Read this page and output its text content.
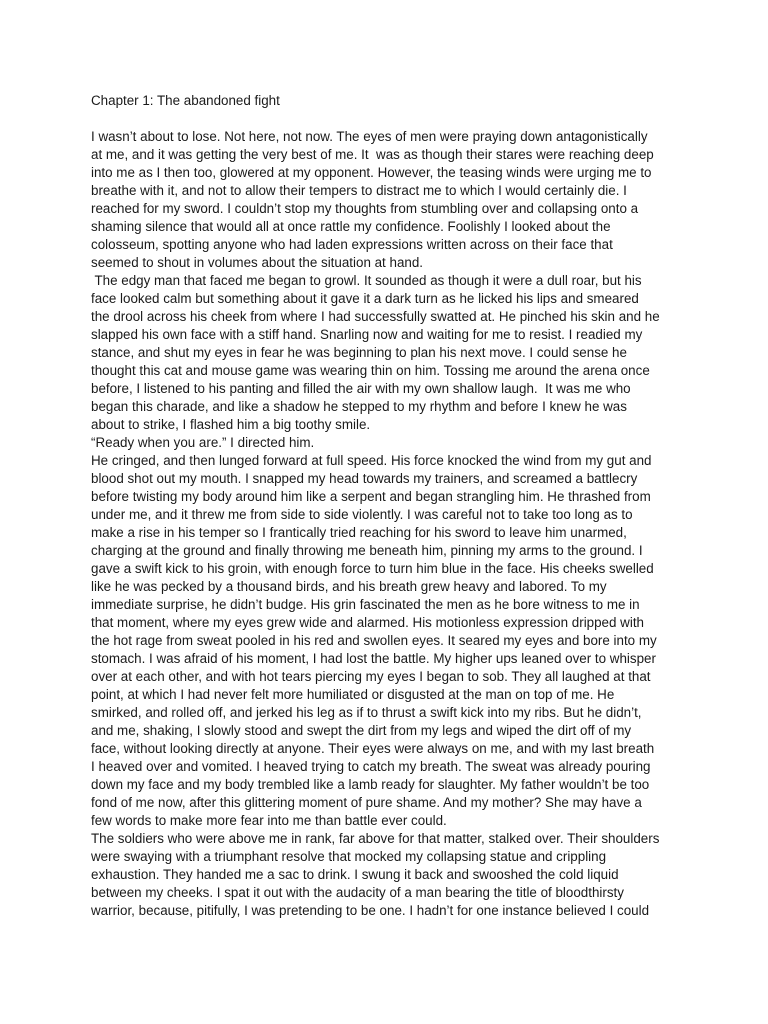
Chapter 1: The abandoned fight
I wasn’t about to lose. Not here, not now. The eyes of men were praying down antagonistically
at me, and it was getting the very best of me. It  was as though their stares were reaching deep
into me as I then too, glowered at my opponent. However, the teasing winds were urging me to
breathe with it, and not to allow their tempers to distract me to which I would certainly die. I
reached for my sword. I couldn’t stop my thoughts from stumbling over and collapsing onto a
shaming silence that would all at once rattle my confidence. Foolishly I looked about the
colosseum, spotting anyone who had laden expressions written across on their face that
seemed to shout in volumes about the situation at hand.
The edgy man that faced me began to growl. It sounded as though it were a dull roar, but his
face looked calm but something about it gave it a dark turn as he licked his lips and smeared
the drool across his cheek from where I had successfully swatted at. He pinched his skin and he
slapped his own face with a stiff hand. Snarling now and waiting for me to resist. I readied my
stance, and shut my eyes in fear he was beginning to plan his next move. I could sense he
thought this cat and mouse game was wearing thin on him. Tossing me around the arena once
before, I listened to his panting and filled the air with my own shallow laugh.  It was me who
began this charade, and like a shadow he stepped to my rhythm and before I knew he was
about to strike, I flashed him a big toothy smile.
“Ready when you are.” I directed him.
He cringed, and then lunged forward at full speed. His force knocked the wind from my gut and
blood shot out my mouth. I snapped my head towards my trainers, and screamed a battlecry
before twisting my body around him like a serpent and began strangling him. He thrashed from
under me, and it threw me from side to side violently. I was careful not to take too long as to
make a rise in his temper so I frantically tried reaching for his sword to leave him unarmed,
charging at the ground and finally throwing me beneath him, pinning my arms to the ground. I
gave a swift kick to his groin, with enough force to turn him blue in the face. His cheeks swelled
like he was pecked by a thousand birds, and his breath grew heavy and labored. To my
immediate surprise, he didn’t budge. His grin fascinated the men as he bore witness to me in
that moment, where my eyes grew wide and alarmed. His motionless expression dripped with
the hot rage from sweat pooled in his red and swollen eyes. It seared my eyes and bore into my
stomach. I was afraid of his moment, I had lost the battle. My higher ups leaned over to whisper
over at each other, and with hot tears piercing my eyes I began to sob. They all laughed at that
point, at which I had never felt more humiliated or disgusted at the man on top of me. He
smirked, and rolled off, and jerked his leg as if to thrust a swift kick into my ribs. But he didn’t,
and me, shaking, I slowly stood and swept the dirt from my legs and wiped the dirt off of my
face, without looking directly at anyone. Their eyes were always on me, and with my last breath
I heaved over and vomited. I heaved trying to catch my breath. The sweat was already pouring
down my face and my body trembled like a lamb ready for slaughter. My father wouldn’t be too
fond of me now, after this glittering moment of pure shame. And my mother? She may have a
few words to make more fear into me than battle ever could.
The soldiers who were above me in rank, far above for that matter, stalked over. Their shoulders
were swaying with a triumphant resolve that mocked my collapsing statue and crippling
exhaustion. They handed me a sac to drink. I swung it back and swooshed the cold liquid
between my cheeks. I spat it out with the audacity of a man bearing the title of bloodthirsty
warrior, because, pitifully, I was pretending to be one. I hadn’t for one instance believed I could
